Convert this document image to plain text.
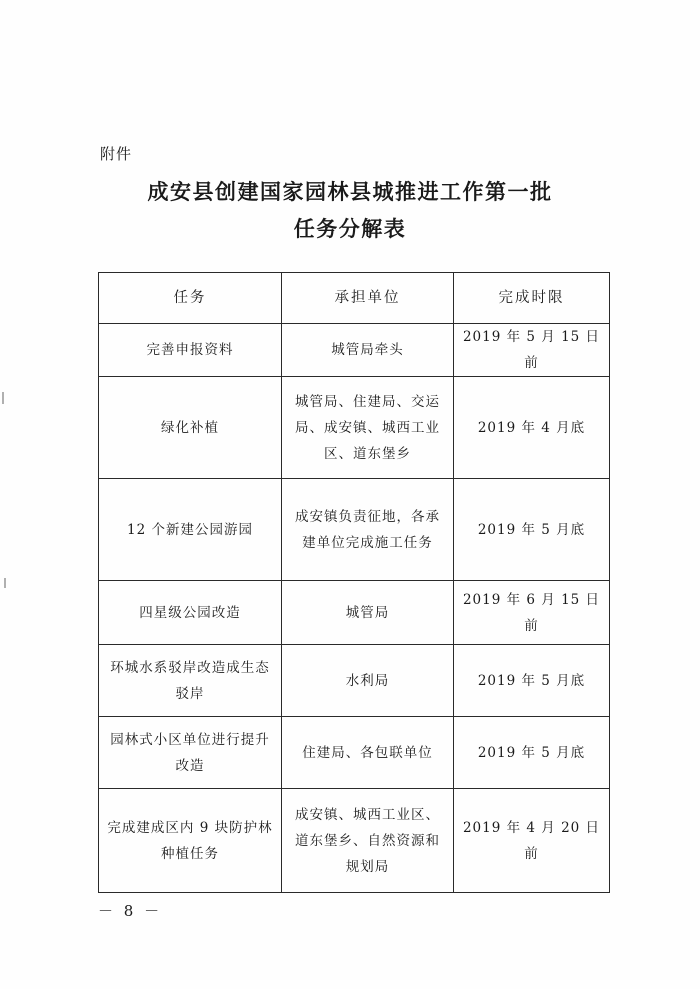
附件
成安县创建国家园林县城推进工作第一批
任务分解表
任务	承担单位	完成时限
完善申报资料	城管局牵头	2019 年 5 月 15 日前
绿化补植	城管局、住建局、交运局、成安镇、城西工业区、道东堡乡	2019 年 4 月底
12 个新建公园游园	成安镇负责征地，各承建单位完成施工任务	2019 年 5 月底
四星级公园改造	城管局	2019 年 6 月 15 日前
环城水系驳岸改造成生态驳岸	水利局	2019 年 5 月底
园林式小区单位进行提升改造	住建局、各包联单位	2019 年 5 月底
完成建成区内 9 块防护林种植任务	成安镇、城西工业区、道东堡乡、自然资源和规划局	2019 年 4 月 20 日前
－ 8 －
